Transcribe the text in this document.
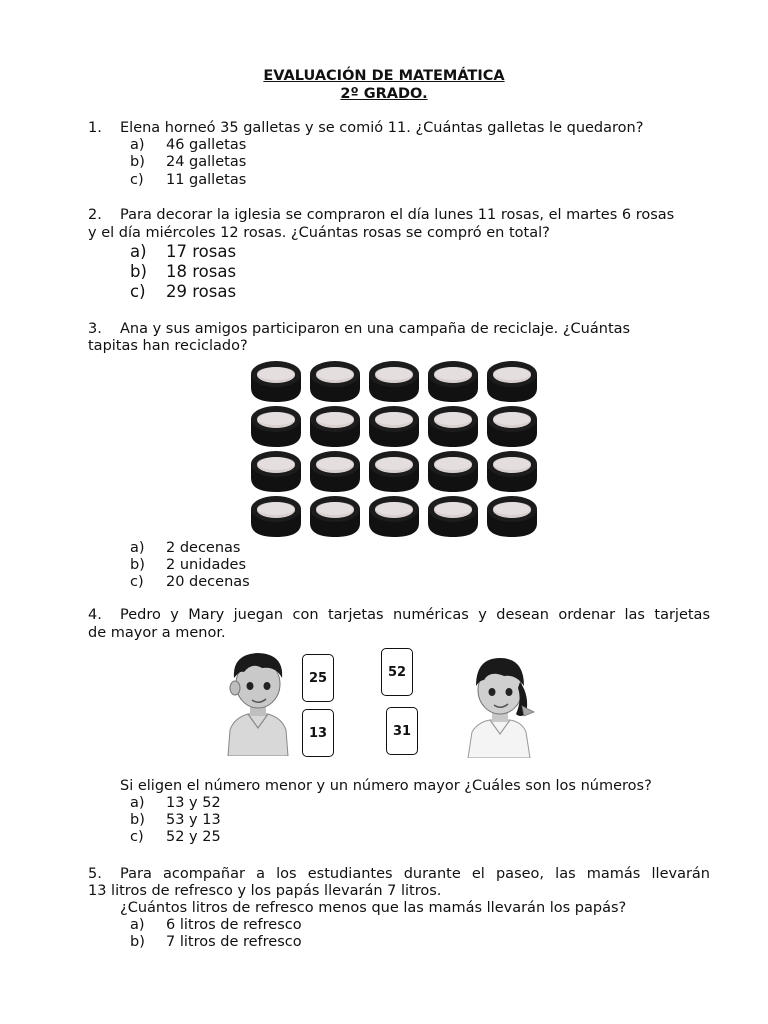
EVALUACIÓN DE MATEMÁTICA
2º GRADO.
1. Elena horneó 35 galletas y se comió 11. ¿Cuántas galletas le quedaron?
a) 46 galletas
b) 24 galletas
c) 11 galletas
2. Para decorar la iglesia se compraron el día lunes 11 rosas, el martes 6 rosas
y el día miércoles 12 rosas. ¿Cuántas rosas se compró en total?
a) 17 rosas
b) 18 rosas
c) 29 rosas
3. Ana y sus amigos participaron en una campaña de reciclaje. ¿Cuántas
tapitas han reciclado?
a) 2 decenas
b) 2 unidades
c) 20 decenas
4.	Pedro y Mary juegan con tarjetas numéricas y desean ordenar las tarjetas
de mayor a menor.
25
13
52
31
Si eligen el número menor y un número mayor ¿Cuáles son los números?
a) 13 y 52
b) 53 y 13
c) 52 y 25
5.	Para acompañar a los estudiantes durante el paseo, las mamás llevarán
13 litros de refresco y los papás llevarán 7 litros.
¿Cuántos litros de refresco menos que las mamás llevarán los papás?
a) 6 litros de refresco
b) 7 litros de refresco
